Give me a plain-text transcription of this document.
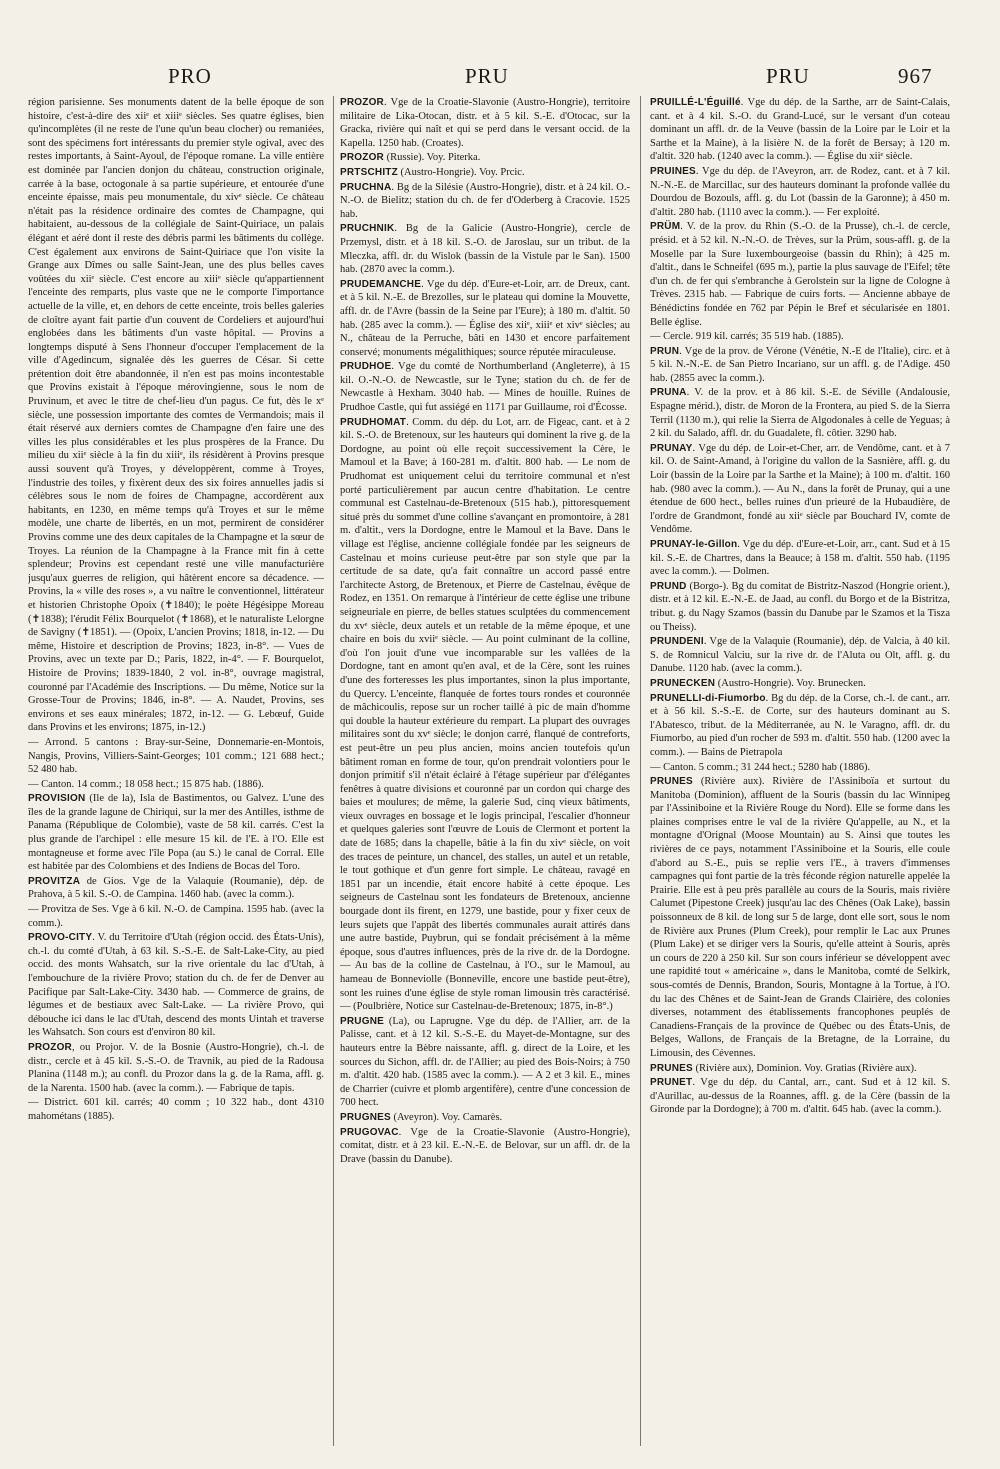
PRO	PRU	PRU	967

région parisienne. Ses monuments datent de la belle époque de son histoire, c'est-à-dire des xiiᵉ et xiiiᵉ siècles. Ses quatre églises, bien qu'incomplètes (il ne reste de l'une qu'un beau clocher) ou remaniées, sont des spécimens fort intéressants du premier style ogival, avec des restes importants, à Saint-Ayoul, de l'époque romane. La ville entière est dominée par l'ancien donjon du château, construction originale, carrée à la base, octogonale à sa partie supérieure, et entourée d'une enceinte épaisse, mais peu monumentale, du xivᵉ siècle. Ce château n'était pas la résidence ordinaire des comtes de Champagne, qui habitaient, au-dessous de la collégiale de Saint-Quiriace, un palais élégant et aéré dont il reste des débris parmi les bâtiments du collège. C'est également aux environs de Saint-Quiriace que l'on visite la Grange aux Dîmes ou salle Saint-Jean, une des plus belles caves voûtées du xiiᵉ siècle. C'est encore au xiiiᵉ siècle qu'appartiennent l'enceinte des remparts, plus vaste que ne le comporte l'importance actuelle de la ville, et, en dehors de cette enceinte, trois belles galeries de cloître ayant fait partie d'un couvent de Cordeliers et aujourd'hui englobées dans les bâtiments d'un vaste hôpital. — Provins a longtemps disputé à Sens l'honneur d'occuper l'emplacement de la ville d'Agedincum, signalée dès les guerres de César. Si cette prétention doit être abandonnée, il n'en est pas moins incontestable que Provins existait à l'époque mérovingienne, sous le nom de Pruvinum, et avec le titre de chef-lieu d'un pagus. Ce fut, dès le xᵉ siècle, une possession importante des comtes de Vermandois; mais il était réservé aux derniers comtes de Champagne d'en faire une des villes les plus considérables et les plus prospères de la France. Du milieu du xiiᵉ siècle à la fin du xiiiᵉ, ils résidèrent à Provins presque aussi souvent qu'à Troyes, y développèrent, comme à Troyes, l'industrie des toiles, y fixèrent deux des six foires annuelles jadis si célèbres sous le nom de foires de Champagne, accordèrent aux habitants, en 1230, en même temps qu'à Troyes et sur le même modèle, une charte de libertés, en un mot, permirent de considérer Provins comme une des deux capitales de la Champagne et la sœur de Troyes. La réunion de la Champagne à la France mit fin à cette splendeur; Provins est cependant resté une ville manufacturière jusqu'aux guerres de religion, qui hâtèrent encore sa décadence. — Provins, la « ville des roses », a vu naître le conventionnel, littérateur et historien Christophe Opoix (✝1840); le poète Hégésippe Moreau (✝1838); l'érudit Félix Bourquelot (✝1868), et le naturaliste Lelorgne de Savigny (✝1851). — (Opoix, L'ancien Provins; 1818, in-12. — Du même, Histoire et description de Provins; 1823, in-8°. — Vues de Provins, avec un texte par D.; Paris, 1822, in-4°. — F. Bourquelot, Histoire de Provins; 1839-1840, 2 vol. in-8°, ouvrage magistral, couronné par l'Académie des Inscriptions. — Du même, Notice sur la Grosse-Tour de Provins; 1846, in-8°. — A. Naudet, Provins, ses environs et ses eaux minérales; 1872, in-12. — G. Lebœuf, Guide dans Provins et les environs; 1875, in-12.)

— Arrond. 5 cantons : Bray-sur-Seine, Donnemarie-en-Montois, Nangis, Provins, Villiers-Saint-Georges; 101 comm.; 121 688 hect.; 52 480 hab.

— Canton. 14 comm.; 18 058 hect.; 15 875 hab. (1886).

PROVISION (Ile de la), Isla de Bastimentos, ou Galvez. L'une des îles de la grande lagune de Chiriqui, sur la mer des Antilles, isthme de Panama (République de Colombie), vaste de 58 kil. carrés. C'est la plus grande de l'archipel : elle mesure 15 kil. de l'E. à l'O. Elle est montagneuse et forme avec l'île Popa (au S.) le canal de Corral. Elle est habitée par des Colombiens et des Indiens de Bocas del Toro.

PROVITZA de Gios. Vge de la Valaquie (Roumanie), dép. de Prahova, à 5 kil. S.-O. de Campina. 1460 hab. (avec la comm.).

— Provitza de Ses. Vge à 6 kil. N.-O. de Campina. 1595 hab. (avec la comm.).

PROVO-CITY. V. du Territoire d'Utah (région occid. des États-Unis), ch.-l. du comté d'Utah, à 63 kil. S.-S.-E. de Salt-Lake-City, au pied occid. des monts Wahsatch, sur la rive orientale du lac d'Utah, à l'embouchure de la rivière Provo; station du ch. de fer de Denver au Pacifique par Salt-Lake-City. 3430 hab. — Commerce de grains, de légumes et de bestiaux avec Salt-Lake. — La rivière Provo, qui débouche ici dans le lac d'Utah, descend des monts Uintah et traverse les Wahsatch. Son cours est d'environ 80 kil.

PROZOR, ou Projor. V. de la Bosnie (Austro-Hongrie), ch.-l. de distr., cercle et à 45 kil. S.-S.-O. de Travnik, au pied de la Radousa Planina (1148 m.); au confl. du Prozor dans la g. de la Rama, affl. g. de la Narenta. 1500 hab. (avec la comm.). — Fabrique de tapis.

— District. 601 kil. carrés; 40 comm ; 10 322 hab., dont 4310 mahométans (1885).

PROZOR. Vge de la Croatie-Slavonie (Austro-Hongrie), territoire militaire de Lika-Otocan, distr. et à 5 kil. S.-E. d'Otocac, sur la Gracka, rivière qui naît et qui se perd dans le versant occid. de la Kapella. 1250 hab. (Croates).

PROZOR (Russie). Voy. Piterka.

PRTSCHITZ (Austro-Hongrie). Voy. Prcic.

PRUCHNA. Bg de la Silésie (Austro-Hongrie), distr. et à 24 kil. O.-N.-O. de Bielitz; station du ch. de fer d'Oderberg à Cracovie. 1525 hab.

PRUCHNIK. Bg de la Galicie (Austro-Hongrie), cercle de Przemysl, distr. et à 18 kil. S.-O. de Jaroslau, sur un tribut. de la Mleczka, affl. dr. du Wislok (bassin de la Vistule par le San). 1500 hab. (2870 avec la comm.).

PRUDEMANCHE. Vge du dép. d'Eure-et-Loir, arr. de Dreux, cant. et à 5 kil. N.-E. de Brezolles, sur le plateau qui domine la Mouvette, affl. dr. de l'Avre (bassin de la Seine par l'Eure); à 180 m. d'altit. 50 hab. (285 avec la comm.). — Église des xiiᵉ, xiiiᵉ et xivᵉ siècles; au N., château de la Perruche, bâti en 1430 et encore parfaitement conservé; monuments mégalithiques; source réputée miraculeuse.

PRUDHOE. Vge du comté de Northumberland (Angleterre), à 15 kil. O.-N.-O. de Newcastle, sur le Tyne; station du ch. de fer de Newcastle à Hexham. 3040 hab. — Mines de houille. Ruines de Prudhoe Castle, qui fut assiégé en 1171 par Guillaume, roi d'Écosse.

PRUDHOMAT. Comm. du dép. du Lot, arr. de Figeac, cant. et à 2 kil. S.-O. de Bretenoux, sur les hauteurs qui dominent la rive g. de la Dordogne, au point où elle reçoit successivement la Cère, le Mamoul et la Bave; à 160-281 m. d'altit. 800 hab. — Le nom de Prudhomat est uniquement celui du territoire communal et n'est porté particulièrement par aucun centre d'habitation. Le centre communal est Castelnau-de-Bretenoux (515 hab.), pittoresquement situé près du sommet d'une colline s'avançant en promontoire, à 281 m. d'altit., vers la Dordogne, entre le Mamoul et la Bave. Dans le village est l'église, ancienne collégiale fondée par les seigneurs de Castelnau et moins curieuse peut-être par son style que par la certitude de sa date, qu'a fait connaître un accord passé entre l'architecte Astorg, de Bretenoux, et Pierre de Castelnau, évêque de Rodez, en 1351. On remarque à l'intérieur de cette église une tribune seigneuriale en pierre, de belles statues sculptées du commencement du xvᵉ siècle, deux autels et un retable de la même époque, et une chaire en bois du xviiᵉ siècle. — Au point culminant de la colline, d'où l'on jouit d'une vue incomparable sur les vallées de la Dordogne, tant en amont qu'en aval, et de la Cère, sont les ruines d'une des forteresses les plus importantes, sinon la plus importante, du Quercy. L'enceinte, flanquée de fortes tours rondes et couronnée de mâchicoulis, repose sur un rocher taillé à pic de main d'homme qui double la hauteur extérieure du rempart. La plupart des ouvrages militaires sont du xvᵉ siècle; le donjon carré, flanqué de contreforts, est peut-être un peu plus ancien, moins ancien toutefois qu'un bâtiment roman en forme de tour, qu'on prendrait volontiers pour le donjon primitif s'il n'était éclairé à l'étage supérieur par d'élégantes fenêtres à quatre divisions et couronné par un cordon qui charge des baies et moulures; de même, la galerie Sud, cinq vieux bâtiments, vieux ouvrages en bossage et le logis principal, l'escalier d'honneur et quelques galeries sont l'œuvre de Louis de Clermont et portent la date de 1685; dans la chapelle, bâtie à la fin du xivᵉ siècle, on voit des traces de peinture, un chancel, des stalles, un autel et un retable, le tout gothique et d'un genre fort simple. Le château, ravagé en 1851 par un incendie, était encore habité à cette époque. Les seigneurs de Castelnau sont les fondateurs de Bretenoux, ancienne bourgade dont ils firent, en 1279, une bastide, pour y fixer ceux de leurs sujets que l'appât des libertés communales aurait attirés dans une autre bastide, Puybrun, qui se fondait précisément à la même époque, sous d'autres influences, près de la rive dr. de la Dordogne. — Au bas de la colline de Castelnau, à l'O., sur le Mamoul, au hameau de Bonneviolle (Bonneville, encore une bastide peut-être), sont les ruines d'une église de style roman limousin très caractérisé. — (Poulbrière, Notice sur Castelnau-de-Bretenoux; 1875, in-8°.)

PRUGNE (La), ou Laprugne. Vge du dép. de l'Allier, arr. de la Palisse, cant. et à 12 kil. S.-S.-E. du Mayet-de-Montagne, sur des hauteurs entre la Bèbre naissante, affl. g. direct de la Loire, et les sources du Sichon, affl. dr. de l'Allier; au pied des Bois-Noirs; à 750 m. d'altit. 420 hab. (1585 avec la comm.). — A 2 et 3 kil. E., mines de Charrier (cuivre et plomb argentifère), centre d'une concession de 700 hect.

PRUGNES (Aveyron). Voy. Camarès.

PRUGOVAC. Vge de la Croatie-Slavonie (Austro-Hongrie), comitat, distr. et à 23 kil. E.-N.-E. de Belovar, sur un affl. dr. de la Drave (bassin du Danube).

PRUILLÉ-L'Éguillé. Vge du dép. de la Sarthe, arr de Saint-Calais, cant. et à 4 kil. S.-O. du Grand-Lucé, sur le versant d'un coteau dominant un affl. dr. de la Veuve (bassin de la Loire par le Loir et la Sarthe et la Maine), à la lisière N. de la forêt de Bersay; à 120 m. d'altit. 320 hab. (1240 avec la comm.). — Église du xiiᵉ siècle.

PRUINES. Vge du dép. de l'Aveyron, arr. de Rodez, cant. et à 7 kil. N.-N.-E. de Marcillac, sur des hauteurs dominant la profonde vallée du Dourdou de Bozouls, affl. g. du Lot (bassin de la Garonne); à 450 m. d'altit. 280 hab. (1110 avec la comm.). — Fer exploité.

PRÜM. V. de la prov. du Rhin (S.-O. de la Prusse), ch.-l. de cercle, présid. et à 52 kil. N.-N.-O. de Trèves, sur la Prüm, sous-affl. g. de la Moselle par la Sure luxembourgeoise (bassin du Rhin); à 425 m. d'altit., dans le Schneifel (695 m.), partie la plus sauvage de l'Eifel; tête d'un ch. de fer qui s'embranche à Gerolstein sur la ligne de Cologne à Trèves. 2315 hab. — Fabrique de cuirs forts. — Ancienne abbaye de Bénédictins fondée en 762 par Pépin le Bref et sécularisée en 1801. Belle église.

— Cercle. 919 kil. carrés; 35 519 hab. (1885).

PRUN. Vge de la prov. de Vérone (Vénétie, N.-E de l'Italie), circ. et à 5 kil. N.-N.-E. de San Pietro Incariano, sur un affl. g. de l'Adige. 450 hab. (2855 avec la comm.).

PRUNA. V. de la prov. et à 86 kil. S.-E. de Séville (Andalousie, Espagne mérid.), distr. de Moron de la Frontera, au pied S. de la Sierra Terril (1130 m.), qui relie la Sierra de Algodonales à celle de Yeguas; à 2 kil. du Salado, affl. dr. du Guadalete, fl. côtier. 3290 hab.

PRUNAY. Vge du dép. de Loir-et-Cher, arr. de Vendôme, cant. et à 7 kil. O. de Saint-Amand, à l'origine du vallon de la Sasnière, affl. g. du Loir (bassin de la Loire par la Sarthe et la Maine); à 100 m. d'altit. 160 hab. (980 avec la comm.). — Au N., dans la forêt de Prunay, qui a une étendue de 600 hect., belles ruines d'un prieuré de la Hubaudière, de l'ordre de Grandmont, fondé au xiiᵉ siècle par Bouchard IV, comte de Vendôme.

PRUNAY-le-Gillon. Vge du dép. d'Eure-et-Loir, arr., cant. Sud et à 15 kil. S.-E. de Chartres, dans la Beauce; à 158 m. d'altit. 550 hab. (1195 avec la comm.). — Dolmen.

PRUND (Borgo-). Bg du comitat de Bistritz-Naszod (Hongrie orient.), distr. et à 12 kil. E.-N.-E. de Jaad, au confl. du Borgo et de la Bistritza, tribut. g. du Nagy Szamos (bassin du Danube par le Szamos et la Tisza ou Theiss).

PRUNDENI. Vge de la Valaquie (Roumanie), dép. de Valcia, à 40 kil. S. de Romnicul Valciu, sur la rive dr. de l'Aluta ou Olt, affl. g. du Danube. 1120 hab. (avec la comm.).

PRUNECKEN (Austro-Hongrie). Voy. Brunecken.

PRUNELLI-di-Fiumorbo. Bg du dép. de la Corse, ch.-l. de cant., arr. et à 56 kil. S.-S.-E. de Corte, sur des hauteurs dominant au S. l'Abatesco, tribut. de la Méditerranée, au N. le Varagno, affl. dr. du Fiumorbo, au pied d'un rocher de 593 m. d'altit. 550 hab. (1200 avec la comm.). — Bains de Pietrapola

— Canton. 5 comm.; 31 244 hect.; 5280 hab (1886).

PRUNES (Rivière aux). Rivière de l'Assiniboïa et surtout du Manitoba (Dominion), affluent de la Souris (bassin du lac Winnipeg par l'Assiniboine et la Rivière Rouge du Nord). Elle se forme dans les plaines comprises entre le val de la rivière Qu'appelle, au N., et la montagne d'Orignal (Moose Mountain) au S. Ainsi que toutes les rivières de ce pays, notamment l'Assiniboine et la Souris, elle coule d'abord au S.-E., puis se replie vers l'E., à travers d'immenses campagnes qui font partie de la très féconde région naturelle appelée la Prairie. Elle est à peu près parallèle au cours de la Souris, mais rivière Calumet (Pipestone Creek) jusqu'au lac des Chênes (Oak Lake), bassin poissonneux de 8 kil. de long sur 5 de large, dont elle sort, sous le nom de Rivière aux Prunes (Plum Creek), pour remplir le Lac aux Prunes (Plum Lake) et se diriger vers la Souris, qu'elle atteint à Souris, après un cours de 220 à 250 kil. Sur son cours inférieur se développent avec une rapidité tout « américaine », dans le Manitoba, comté de Selkirk, sous-comtés de Dennis, Brandon, Souris, Montagne à la Tortue, à l'O. du lac des Chênes et de Saint-Jean de Grands Clairière, des colonies diverses, notamment des établissements francophones peuplés de Canadiens-Français de la province de Québec ou des États-Unis, de Belges, Wallons, de Français de la Bretagne, de la Lorraine, du Limousin, des Cévennes.

PRUNES (Rivière aux), Dominion. Voy. Gratias (Rivière aux).

PRUNET. Vge du dép. du Cantal, arr., cant. Sud et à 12 kil. S. d'Aurillac, au-dessus de la Roannes, affl. g. de la Cère (bassin de la Gironde par la Dordogne); à 700 m. d'altit. 645 hab. (avec la comm.).
